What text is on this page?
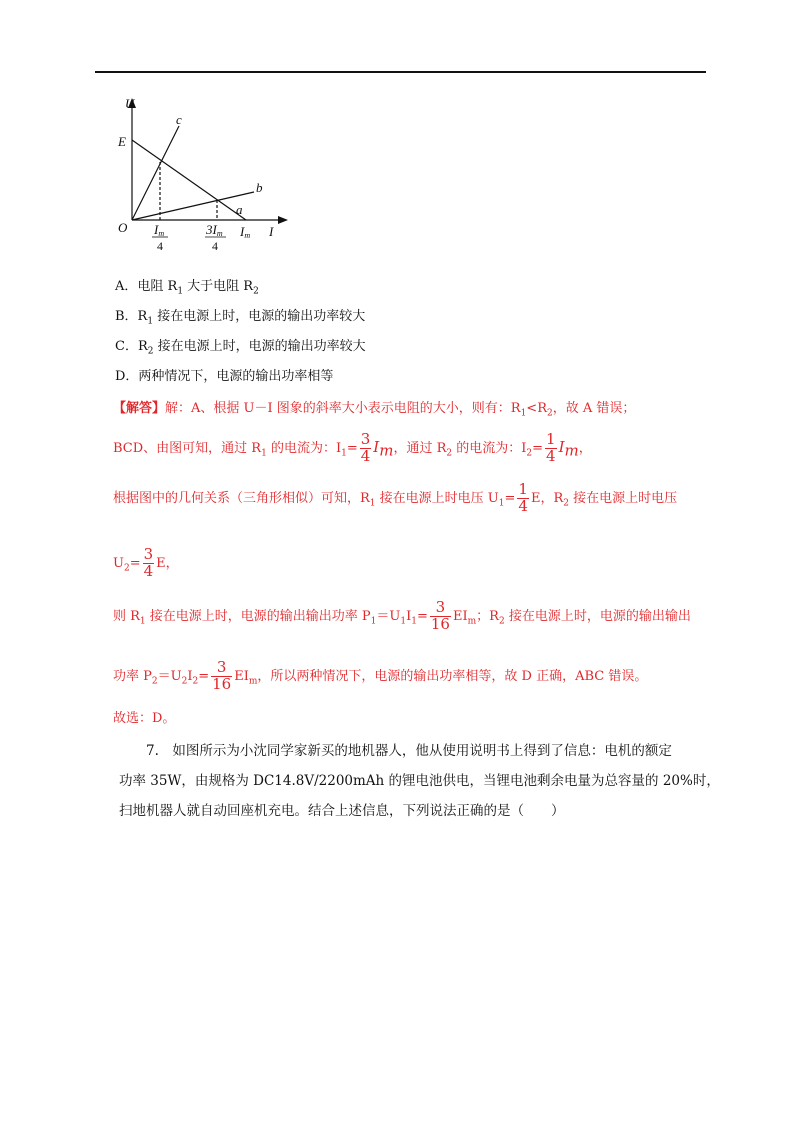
U
E
c
b
a
O	I
Im
Im	3Im
4	4
A．电阻 $R_1$ 大于电阻 $R_2$
B．$R_1$ 接在电源上时，电源的输出功率较大
C．$R_2$ 接在电源上时，电源的输出功率较大
D．两种情况下，电源的输出功率相等
【解答】解：A、根据 U－I 图象的斜率大小表示电阻的大小，则有：$R_1<R_2$，故 A 错误；
BCD、由图可知，通过 $R_1$ 的电流为：$I_1= \frac{3}{4} I_m$，通过 $R_2$ 的电流为：$I_2= \frac{1}{4} I_m$，
根据图中的几何关系（三角形相似）可知，$R_1$ 接在电源上时电压 $U_1= \frac{1}{4}$ E，$R_2$ 接在电源上时电压
$U_2= \frac{3}{4}$ E，
则 $R_1$ 接在电源上时，电源的输出输出功率 $P_1=U_1I_1= \frac{3}{16} EI_m$；$R_2$ 接在电源上时，电源的输出输出
功率 $P_2=U_2I_2= \frac{3}{16} EI_m$，所以两种情况下，电源的输出功率相等，故 D 正确，ABC 错误。
故选：D。
7.　如图所示为小沈同学家新买的地机器人，他从使用说明书上得到了信息：电机的额定
功率 35W，由规格为 DC14.8V/2200mAh 的锂电池供电，当锂电池剩余电量为总容量的 20%时，
扫地机器人就自动回座机充电。结合上述信息，下列说法正确的是（　　）
